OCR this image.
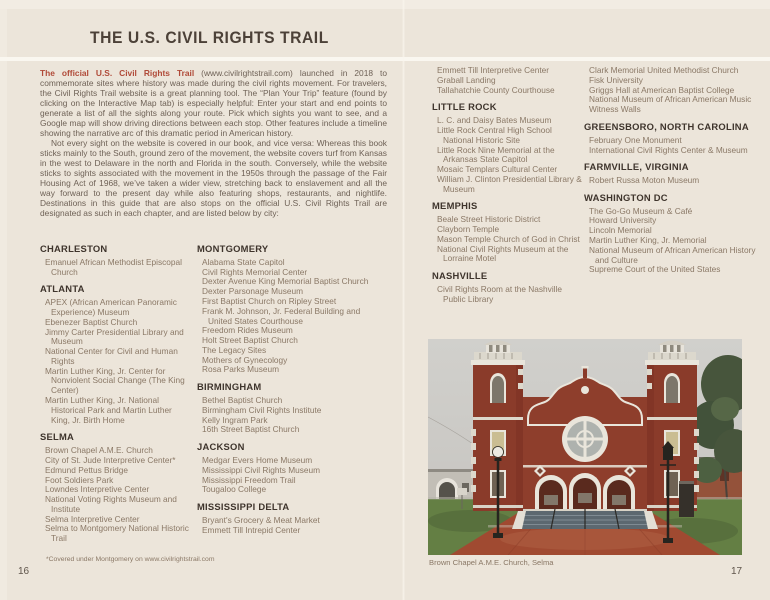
THE U.S. CIVIL RIGHTS TRAIL

The official U.S. Civil Rights Trail (www.civilrightstrail.com) launched in 2018 to commemorate sites where history was made during the civil rights movement. For travelers, the Civil Rights Trail website is a great planning tool. The “Plan Your Trip” feature (found by clicking on the Interactive Map tab) is especially helpful: Enter your start and end points to generate a list of all the sights along your route. Pick which sights you want to see, and a Google map will show driving directions between each stop. Other features include a timeline showing the narrative arc of this dramatic period in American history.

Not every sight on the website is covered in our book, and vice versa: Whereas this book sticks mainly to the South, ground zero of the movement, the website covers turf from Kansas in the west to Delaware in the north and Florida in the south. Conversely, while the website sticks to sights associated with the movement in the 1950s through the passage of the Fair Housing Act of 1968, we’ve taken a wider view, stretching back to enslavement and all the way forward to the present day while also featuring shops, restaurants, and nightlife. Destinations in this guide that are also stops on the official U.S. Civil Rights Trail are designated as such in each chapter, and are listed below by city:

CHARLESTON
Emanuel African Methodist Episcopal Church
ATLANTA
APEX (African American Panoramic Experience) Museum
Ebenezer Baptist Church
Jimmy Carter Presidential Library and Museum
National Center for Civil and Human Rights
Martin Luther King, Jr. Center for Nonviolent Social Change (The King Center)
Martin Luther King, Jr. National Historical Park and Martin Luther King, Jr. Birth Home
SELMA
Brown Chapel A.M.E. Church
City of St. Jude Interpretive Center*
Edmund Pettus Bridge
Foot Soldiers Park
Lowndes Interpretive Center
National Voting Rights Museum and Institute
Selma Interpretive Center
Selma to Montgomery National Historic Trail
MONTGOMERY
Alabama State Capitol
Civil Rights Memorial Center
Dexter Avenue King Memorial Baptist Church
Dexter Parsonage Museum
First Baptist Church on Ripley Street
Frank M. Johnson, Jr. Federal Building and United States Courthouse
Freedom Rides Museum
Holt Street Baptist Church
The Legacy Sites
Mothers of Gynecology
Rosa Parks Museum
BIRMINGHAM
Bethel Baptist Church
Birmingham Civil Rights Institute
Kelly Ingram Park
16th Street Baptist Church
JACKSON
Medgar Evers Home Museum
Mississippi Civil Rights Museum
Mississippi Freedom Trail
Tougaloo College
MISSISSIPPI DELTA
Bryant's Grocery & Meat Market
Emmett Till Intrepid Center
Emmett Till Interpretive Center
Graball Landing
Tallahatchie County Courthouse
LITTLE ROCK
L. C. and Daisy Bates Museum
Little Rock Central High School National Historic Site
Little Rock Nine Memorial at the Arkansas State Capitol
Mosaic Templars Cultural Center
William J. Clinton Presidential Library & Museum
MEMPHIS
Beale Street Historic District
Clayborn Temple
Mason Temple Church of God in Christ
National Civil Rights Museum at the Lorraine Motel
NASHVILLE
Civil Rights Room at the Nashville Public Library
Clark Memorial United Methodist Church
Fisk University
Griggs Hall at American Baptist College
National Museum of African American Music
Witness Walls
GREENSBORO, NORTH CAROLINA
February One Monument
International Civil Rights Center & Museum
FARMVILLE, VIRGINIA
Robert Russa Moton Museum
WASHINGTON DC
The Go-Go Museum & Café
Howard University
Lincoln Memorial
Martin Luther King, Jr. Memorial
National Museum of African American History and Culture
Supreme Court of the United States
*Covered under Montgomery on www.civilrightstrail.com	Brown Chapel A.M.E. Church, Selma
16	17
